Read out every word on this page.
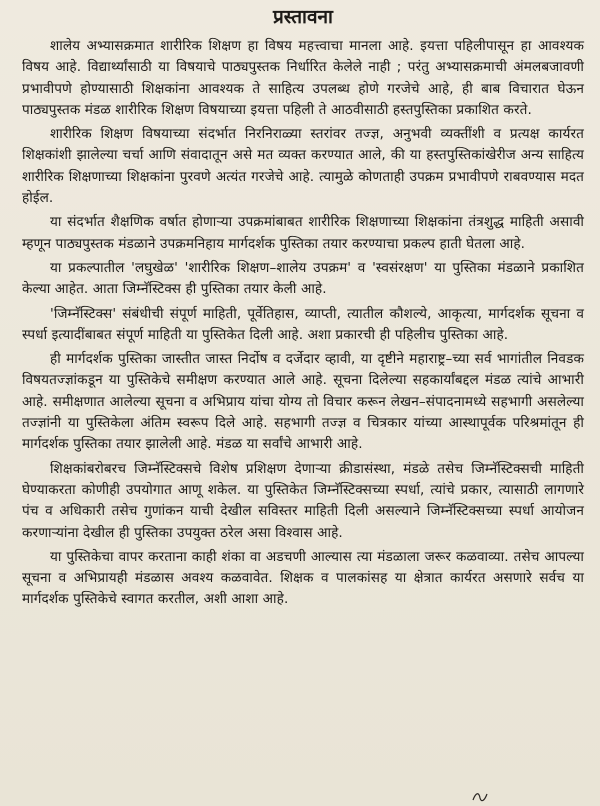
प्रस्तावना

शालेय अभ्यासक्रमात शारीरिक शिक्षण हा विषय महत्त्वाचा मानला आहे. इयत्ता पहिलीपासून हा आवश्यक विषय आहे. विद्यार्थ्यांसाठी या विषयाचे पाठ्यपुस्तक निर्धारित केलेले नाही ; परंतु अभ्यासक्रमाची अंमलबजावणी प्रभावीपणे होण्यासाठी शिक्षकांना आवश्यक ते साहित्य उपलब्ध होणे गरजेचे आहे, ही बाब विचारात घेऊन पाठ्यपुस्तक मंडळ शारीरिक शिक्षण विषयाच्या इयत्ता पहिली ते आठवीसाठी हस्तपुस्तिका प्रकाशित करते.

शारीरिक शिक्षण विषयाच्या संदर्भात निरनिराळ्या स्तरांवर तज्ज्ञ, अनुभवी व्यक्तींशी व प्रत्यक्ष कार्यरत शिक्षकांशी झालेल्या चर्चा आणि संवादातून असे मत व्यक्त करण्यात आले, की या हस्तपुस्तिकांखेरीज अन्य साहित्य शारीरिक शिक्षणाच्या शिक्षकांना पुरवणे अत्यंत गरजेचे आहे. त्यामुळे कोणताही उपक्रम प्रभावीपणे राबवण्यास मदत होईल.

या संदर्भात शैक्षणिक वर्षात होणाऱ्या उपक्रमांबाबत शारीरिक शिक्षणाच्या शिक्षकांना तंत्रशुद्ध माहिती असावी म्हणून पाठ्यपुस्तक मंडळाने उपक्रमनिहाय मार्गदर्शक पुस्तिका तयार करण्याचा प्रकल्प हाती घेतला आहे.

या प्रकल्पातील 'लघुखेळ' 'शारीरिक शिक्षण–शालेय उपक्रम' व 'स्वसंरक्षण' या पुस्तिका मंडळाने प्रकाशित केल्या आहेत. आता जिम्नॅस्टिक्स ही पुस्तिका तयार केली आहे.

'जिम्नॅस्टिक्स' संबंधीची संपूर्ण माहिती, पूर्वेतिहास, व्याप्ती, त्यातील कौशल्ये, आकृत्या, मार्गदर्शक सूचना व स्पर्धा इत्यादींबाबत संपूर्ण माहिती या पुस्तिकेत दिली आहे. अशा प्रकारची ही पहिलीच पुस्तिका आहे.

ही मार्गदर्शक पुस्तिका जास्तीत जास्त निर्दोष व दर्जेदार व्हावी, या दृष्टीने महाराष्ट्र–च्या सर्व भागांतील निवडक विषयतज्ज्ञांकडून या पुस्तिकेचे समीक्षण करण्यात आले आहे. सूचना दिलेल्या सहकार्यांबद्दल मंडळ त्यांचे आभारी आहे. समीक्षणात आलेल्या सूचना व अभिप्राय यांचा योग्य तो विचार करून लेखन–संपादनामध्ये सहभागी असलेल्या तज्ज्ञांनी या पुस्तिकेला अंतिम स्वरूप दिले आहे. सहभागी तज्ज्ञ व चित्रकार यांच्या आस्थापूर्वक परिश्रमांतून ही मार्गदर्शक पुस्तिका तयार झालेली आहे. मंडळ या सर्वांचे आभारी आहे.

शिक्षकांबरोबरच जिम्नॅस्टिक्सचे विशेष प्रशिक्षण देणाऱ्या क्रीडासंस्था, मंडळे तसेच जिम्नॅस्टिक्सची माहिती घेण्याकरता कोणीही उपयोगात आणू शकेल. या पुस्तिकेत जिम्नॅस्टिक्सच्या स्पर्धा, त्यांचे प्रकार, त्यासाठी लागणारे पंच व अधिकारी तसेच गुणांकन याची देखील सविस्तर माहिती दिली असल्याने जिम्नॅस्टिक्सच्या स्पर्धा आयोजन करणाऱ्यांना देखील ही पुस्तिका उपयुक्त ठरेल असा विश्वास आहे.

या पुस्तिकेचा वापर करताना काही शंका वा अडचणी आल्यास त्या मंडळाला जरूर कळवाव्या. तसेच आपल्या सूचना व अभिप्रायही मंडळास अवश्य कळवावेत. शिक्षक व पालकांसह या क्षेत्रात कार्यरत असणारे सर्वच या मार्गदर्शक पुस्तिकेचे स्वागत करतील, अशी आशा आहे.
